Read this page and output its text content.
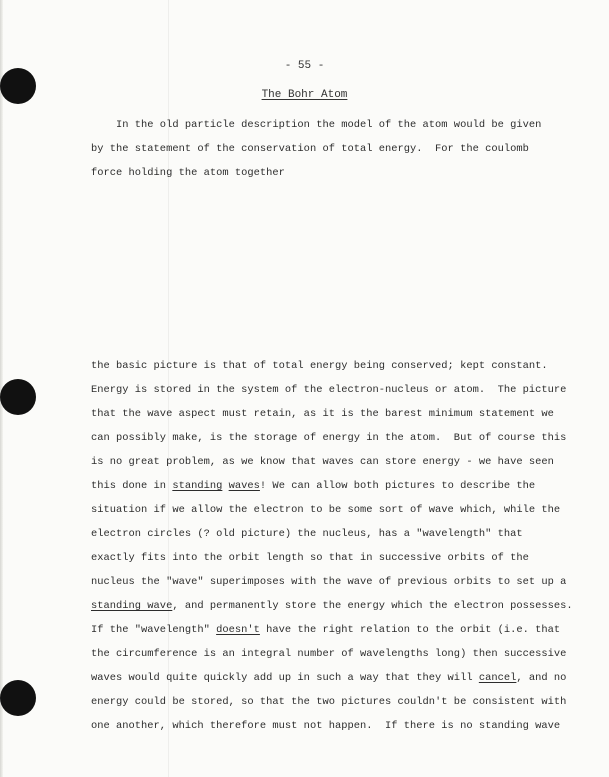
- 55 -
The Bohr Atom
In the old particle description the model of the atom would be given
by the statement of the conservation of total energy.  For the coulomb
force holding the atom together
the basic picture is that of total energy being conserved; kept constant.
Energy is stored in the system of the electron-nucleus or atom.  The picture
that the wave aspect must retain, as it is the barest minimum statement we
can possibly make, is the storage of energy in the atom.  But of course this
is no great problem, as we know that waves can store energy - we have seen
this done in standing waves! We can allow both pictures to describe the
situation if we allow the electron to be some sort of wave which, while the
electron circles (? old picture) the nucleus, has a "wavelength" that
exactly fits into the orbit length so that in successive orbits of the
nucleus the "wave" superimposes with the wave of previous orbits to set up a
standing wave, and permanently store the energy which the electron possesses.
If the "wavelength" doesn't have the right relation to the orbit (i.e. that
the circumference is an integral number of wavelengths long) then successive
waves would quite quickly add up in such a way that they will cancel, and no
energy could be stored, so that the two pictures couldn't be consistent with
one another, which therefore must not happen.  If there is no standing wave
